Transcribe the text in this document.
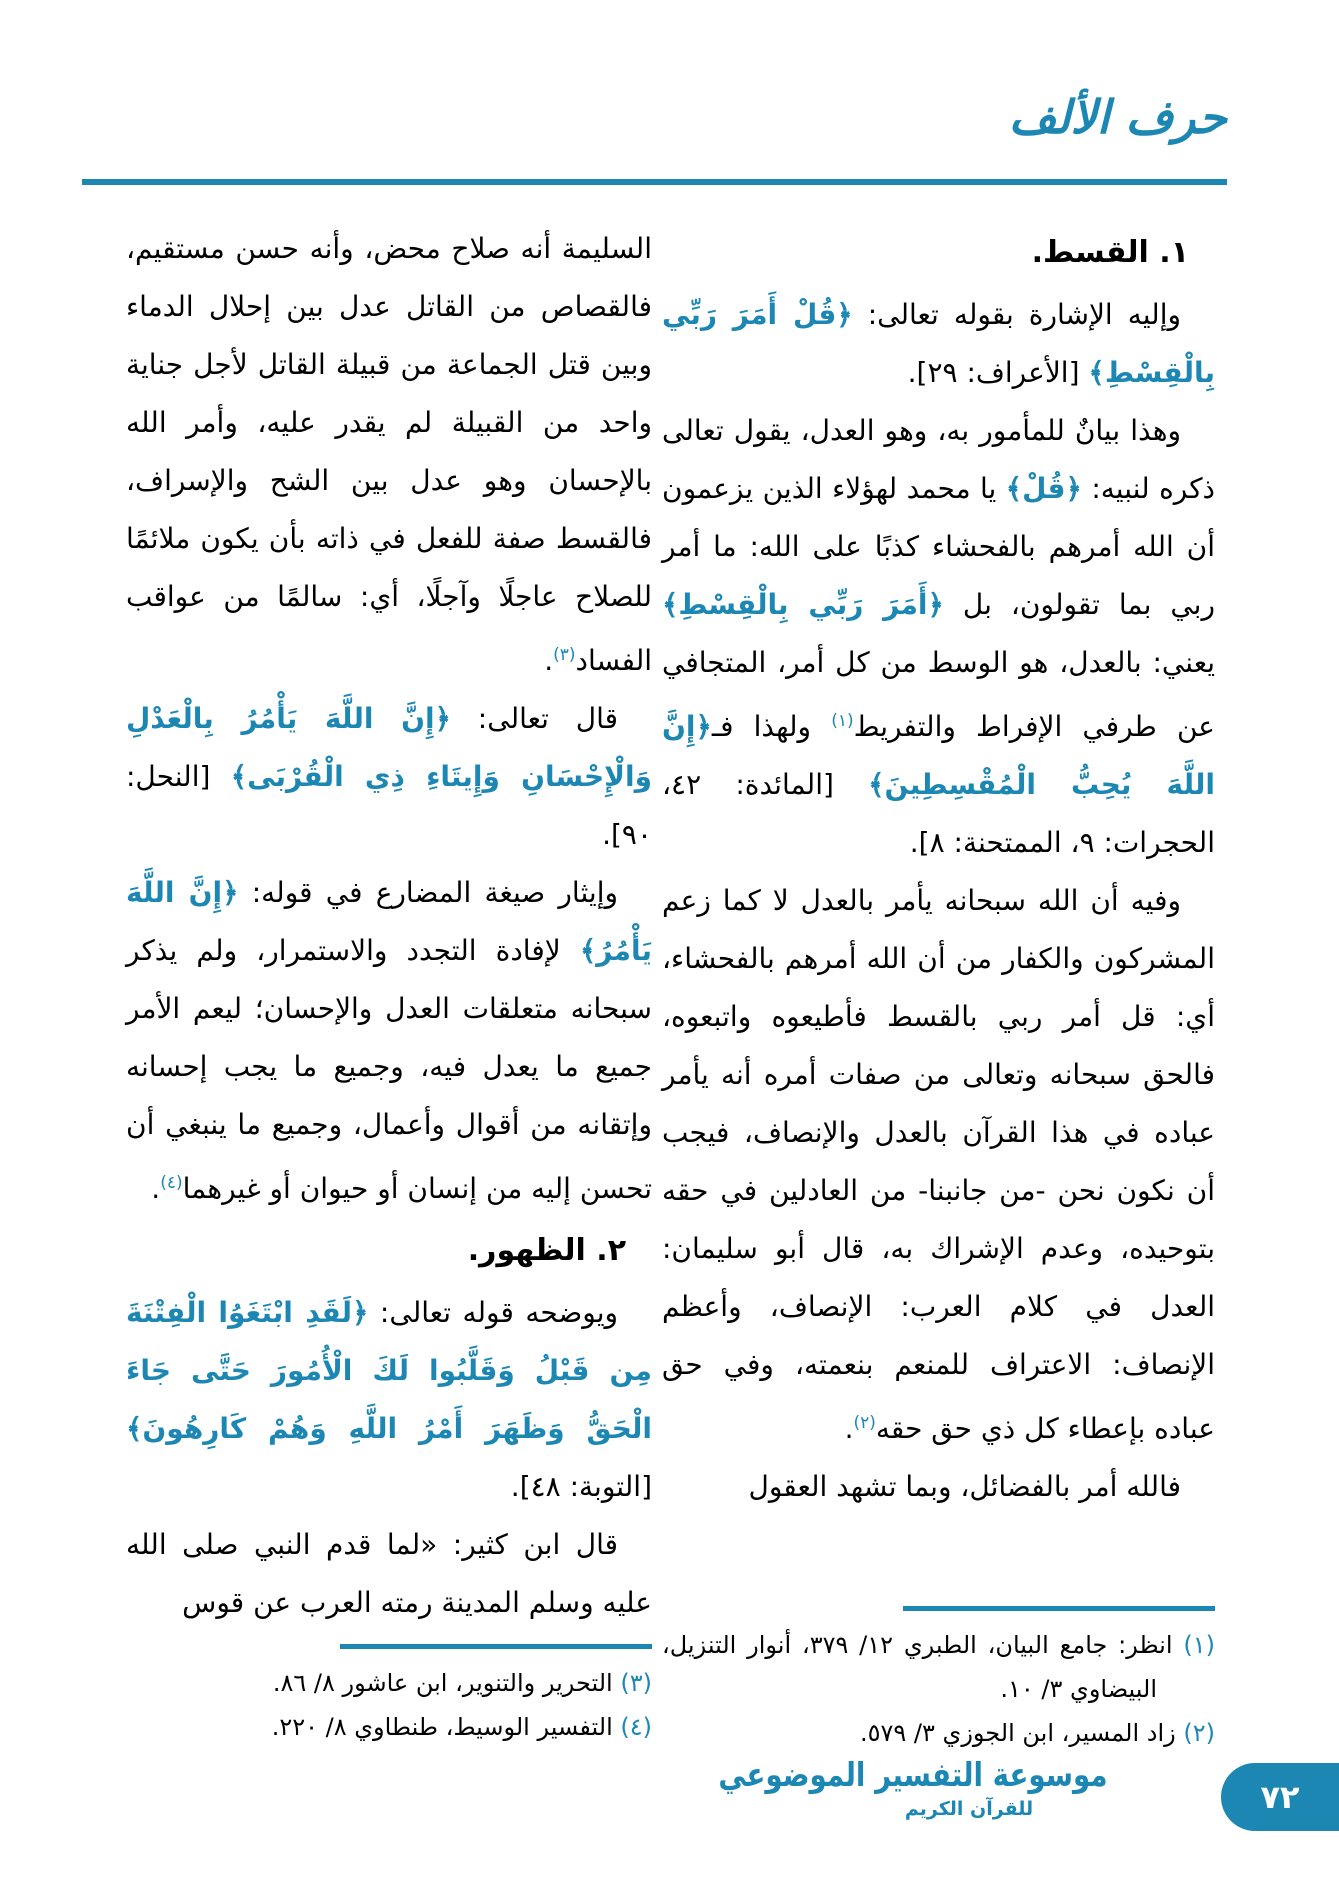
حرف الألف
١. القسط.

وإليه الإشارة بقوله تعالى: ﴿قُلْ أَمَرَ رَبِّي بِالْقِسْطِ﴾ [الأعراف: ٢٩].

وهذا بيانٌ للمأمور به، وهو العدل، يقول تعالى ذكره لنبيه: ﴿قُلْ﴾ يا محمد لهؤلاء الذين يزعمون أن الله أمرهم بالفحشاء كذبًا على الله: ما أمر ربي بما تقولون، بل ﴿أَمَرَ رَبِّي بِالْقِسْطِ﴾ يعني: بالعدل، هو الوسط من كل أمر، المتجافي عن طرفي الإفراط والتفريط$^{(١)}$ ولهذا فـ﴿إِنَّ اللَّهَ يُحِبُّ الْمُقْسِطِينَ﴾ [المائدة: ٤٢، الحجرات: ٩، الممتحنة: ٨].

وفيه أن الله سبحانه يأمر بالعدل لا كما زعم المشركون والكفار من أن الله أمرهم بالفحشاء، أي: قل أمر ربي بالقسط فأطيعوه واتبعوه، فالحق سبحانه وتعالى من صفات أمره أنه يأمر عباده في هذا القرآن بالعدل والإنصاف، فيجب أن نكون نحن -من جانبنا- من العادلين في حقه بتوحيده، وعدم الإشراك به، قال أبو سليمان: العدل في كلام العرب: الإنصاف، وأعظم الإنصاف: الاعتراف للمنعم بنعمته، وفي حق عباده بإعطاء كل ذي حق حقه$^{(٢)}$.

فالله أمر بالفضائل، وبما تشهد العقول

السليمة أنه صلاح محض، وأنه حسن مستقيم، فالقصاص من القاتل عدل بين إحلال الدماء وبين قتل الجماعة من قبيلة القاتل لأجل جناية واحد من القبيلة لم يقدر عليه، وأمر الله بالإحسان وهو عدل بين الشح والإسراف، فالقسط صفة للفعل في ذاته بأن يكون ملائمًا للصلاح عاجلًا وآجلًا، أي: سالمًا من عواقب الفساد$^{(٣)}$.

قال تعالى: ﴿إِنَّ اللَّهَ يَأْمُرُ بِالْعَدْلِ وَالْإِحْسَانِ وَإِيتَاءِ ذِي الْقُرْبَى﴾ [النحل: ٩٠].

وإيثار صيغة المضارع في قوله: ﴿إِنَّ اللَّهَ يَأْمُرُ﴾ لإفادة التجدد والاستمرار، ولم يذكر سبحانه متعلقات العدل والإحسان؛ ليعم الأمر جميع ما يعدل فيه، وجميع ما يجب إحسانه وإتقانه من أقوال وأعمال، وجميع ما ينبغي أن تحسن إليه من إنسان أو حيوان أو غيرهما$^{(٤)}$.

٢. الظهور.

ويوضحه قوله تعالى: ﴿لَقَدِ ابْتَغَوُا الْفِتْنَةَ مِن قَبْلُ وَقَلَّبُوا لَكَ الْأُمُورَ حَتَّى جَاءَ الْحَقُّ وَظَهَرَ أَمْرُ اللَّهِ وَهُمْ كَارِهُونَ﴾ [التوبة: ٤٨].

قال ابن كثير: «لما قدم النبي صلى الله عليه وسلم المدينة رمته العرب عن قوس

(١) انظر: جامع البيان، الطبري ١٢/ ٣٧٩، أنوار التنزيل، البيضاوي ٣/ ١٠.

(٢) زاد المسير، ابن الجوزي ٣/ ٥٧٩.

(٣) التحرير والتنوير، ابن عاشور ٨/ ٨٦.

(٤) التفسير الوسيط، طنطاوي ٨/ ٢٢٠.

موسوعة التفسير الموضوعي
للقرآن الكريم	٧٢
